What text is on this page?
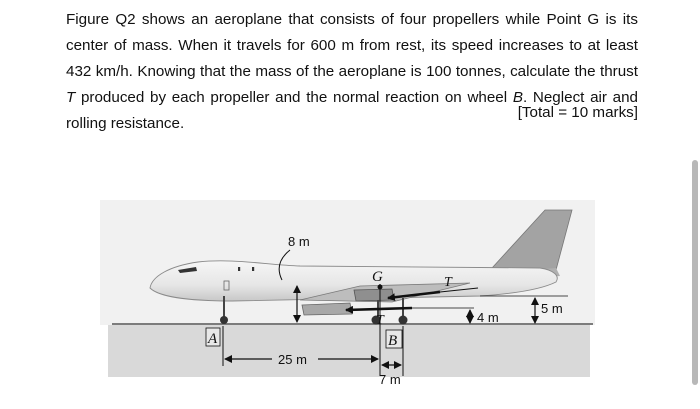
Figure Q2 shows an aeroplane that consists of four propellers while Point G is its center of mass. When it travels for 600 m from rest, its speed increases to at least 432 km/h. Knowing that the mass of the aeroplane is 100 tonnes, calculate the thrust T produced by each propeller and the normal reaction on wheel B. Neglect air and rolling resistance.
[Total = 10 marks]
8 m
G	T
T	4 m
5 m
A	B
25 m
7 m
